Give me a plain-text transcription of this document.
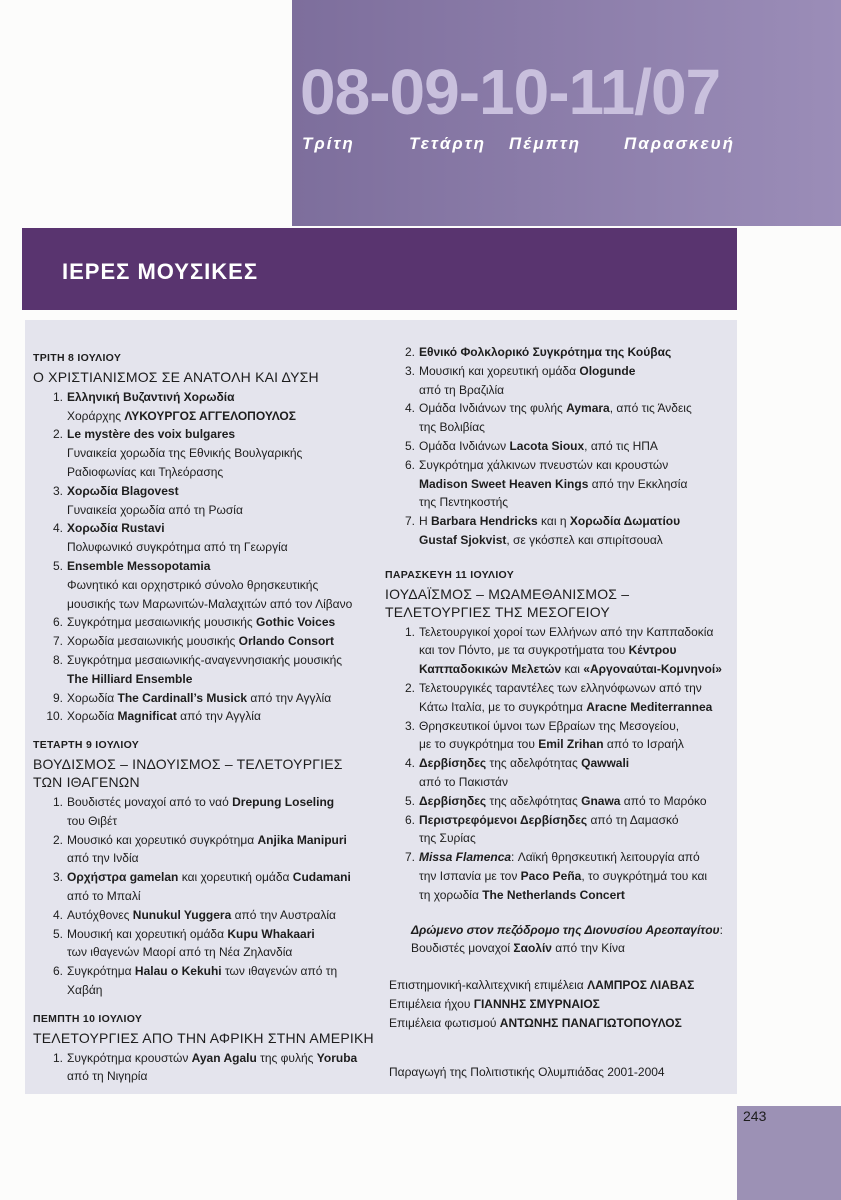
08-09-10-11/07
Τρίτη	Τετάρτη Πέμπτη	Παρασκευή
ΙΕΡΕΣ ΜΟΥΣΙΚΕΣ
ΤΡΙΤΗ 8 ΙΟΥΛΙΟΥ
Ο ΧΡΙΣΤΙΑΝΙΣΜΟΣ ΣΕ ΑΝΑΤΟΛΗ ΚΑΙ ΔΥΣΗ
1. Ελληνική Βυζαντινή Χορωδία
Χοράρχης ΛΥΚΟΥΡΓΟΣ ΑΓΓΕΛΟΠΟΥΛΟΣ
2. Le mystère des voix bulgares
Γυναικεία χορωδία της Εθνικής Βουλγαρικής
Ραδιοφωνίας και Τηλεόρασης
3. Χορωδία Blagovest
Γυναικεία χορωδία από τη Ρωσία
4. Χορωδία Rustavi
Πολυφωνικό συγκρότημα από τη Γεωργία
5. Ensemble Messopotamia
Φωνητικό και ορχηστρικό σύνολο θρησκευτικής
μουσικής των Μαρωνιτών-Μαλαχιτών από τον Λίβανο
6. Συγκρότημα μεσαιωνικής μουσικής Gothic Voices
7. Χορωδία μεσαιωνικής μουσικής Orlando Consort
8. Συγκρότημα μεσαιωνικής-αναγεννησιακής μουσικής
The Hilliard Ensemble
9. Χορωδία The Cardinall’s Musick από την Αγγλία
10. Χορωδία Magnificat από την Αγγλία
ΤΕΤΑΡΤΗ 9 ΙΟΥΛΙΟΥ
ΒΟΥΔΙΣΜΟΣ – ΙΝΔΟΥΙΣΜΟΣ – ΤΕΛΕΤΟΥΡΓΙΕΣ
ΤΩΝ ΙΘΑΓΕΝΩΝ
1. Βουδιστές μοναχοί από το ναό Drepung Loseling
του Θιβέτ
2. Μουσικό και χορευτικό συγκρότημα Anjika Manipuri
από την Ινδία
3. Ορχήστρα gamelan και χορευτική ομάδα Cudamani
από το Μπαλί
4. Αυτόχθονες Nunukul Yuggera από την Αυστραλία
5. Μουσική και χορευτική ομάδα Kupu Whakaari
των ιθαγενών Μαορί από τη Νέα Ζηλανδία
6. Συγκρότημα Halau o Kekuhi των ιθαγενών από τη
Χαβάη
ΠΕΜΠΤΗ 10 ΙΟΥΛΙΟΥ
ΤΕΛΕΤΟΥΡΓΙΕΣ ΑΠΟ ΤΗΝ ΑΦΡΙΚΗ ΣΤΗΝ ΑΜΕΡΙΚΗ
1. Συγκρότημα κρουστών Ayan Agalu της φυλής Yoruba
από τη Νιγηρία
2. Εθνικό Φολκλορικό Συγκρότημα της Κούβας
3. Μουσική και χορευτική ομάδα Ologunde
από τη Βραζιλία
4. Ομάδα Ινδιάνων της φυλής Aymara, από τις Άνδεις
της Βολιβίας
5. Ομάδα Ινδιάνων Lacota Sioux, από τις ΗΠΑ
6. Συγκρότημα χάλκινων πνευστών και κρουστών
Madison Sweet Heaven Kings από την Εκκλησία
της Πεντηκοστής
7. Η Barbara Hendricks και η Χορωδία Δωματίου
Gustaf Sjokvist, σε γκόσπελ και σπιρίτσουαλ
ΠΑΡΑΣΚΕΥΗ 11 ΙΟΥΛΙΟΥ
ΙΟΥΔΑΪΣΜΟΣ – ΜΩΑΜΕΘΑΝΙΣΜΟΣ –
ΤΕΛΕΤΟΥΡΓΙΕΣ ΤΗΣ ΜΕΣΟΓΕΙΟΥ
1. Τελετουργικοί χοροί των Ελλήνων από την Καππαδοκία
και τον Πόντο, με τα συγκροτήματα του Κέντρου
Καππαδοκικών Μελετών και «Αργοναύται-Κομνηνοί»
2. Τελετουργικές ταραντέλες των ελληνόφωνων από την
Κάτω Ιταλία, με το συγκρότημα Aracne Mediterrannea
3. Θρησκευτικοί ύμνοι των Εβραίων της Μεσογείου,
με το συγκρότημα του Emil Zrihan από το Ισραήλ
4. Δερβίσηδες της αδελφότητας Qawwali
από το Πακιστάν
5. Δερβίσηδες της αδελφότητας Gnawa από το Μαρόκο
6. Περιστρεφόμενοι Δερβίσηδες από τη Δαμασκό
της Συρίας
7. Missa Flamenca: Λαϊκή θρησκευτική λειτουργία από
την Ισπανία με τον Paco Peña, το συγκρότημά του και
τη χορωδία The Netherlands Concert
Δρώμενο στον πεζόδρομο της Διονυσίου Αρεοπαγίτου:
Βουδιστές μοναχοί Σαολίν από την Κίνα
Επιστημονική-καλλιτεχνική επιμέλεια ΛΑΜΠΡΟΣ ΛΙΑΒΑΣ
Επιμέλεια ήχου ΓΙΑΝΝΗΣ ΣΜΥΡΝΑΙΟΣ
Επιμέλεια φωτισμού ΑΝΤΩΝΗΣ ΠΑΝΑΓΙΩΤΟΠΟΥΛΟΣ
Παραγωγή της Πολιτιστικής Ολυμπιάδας 2001-2004
243
